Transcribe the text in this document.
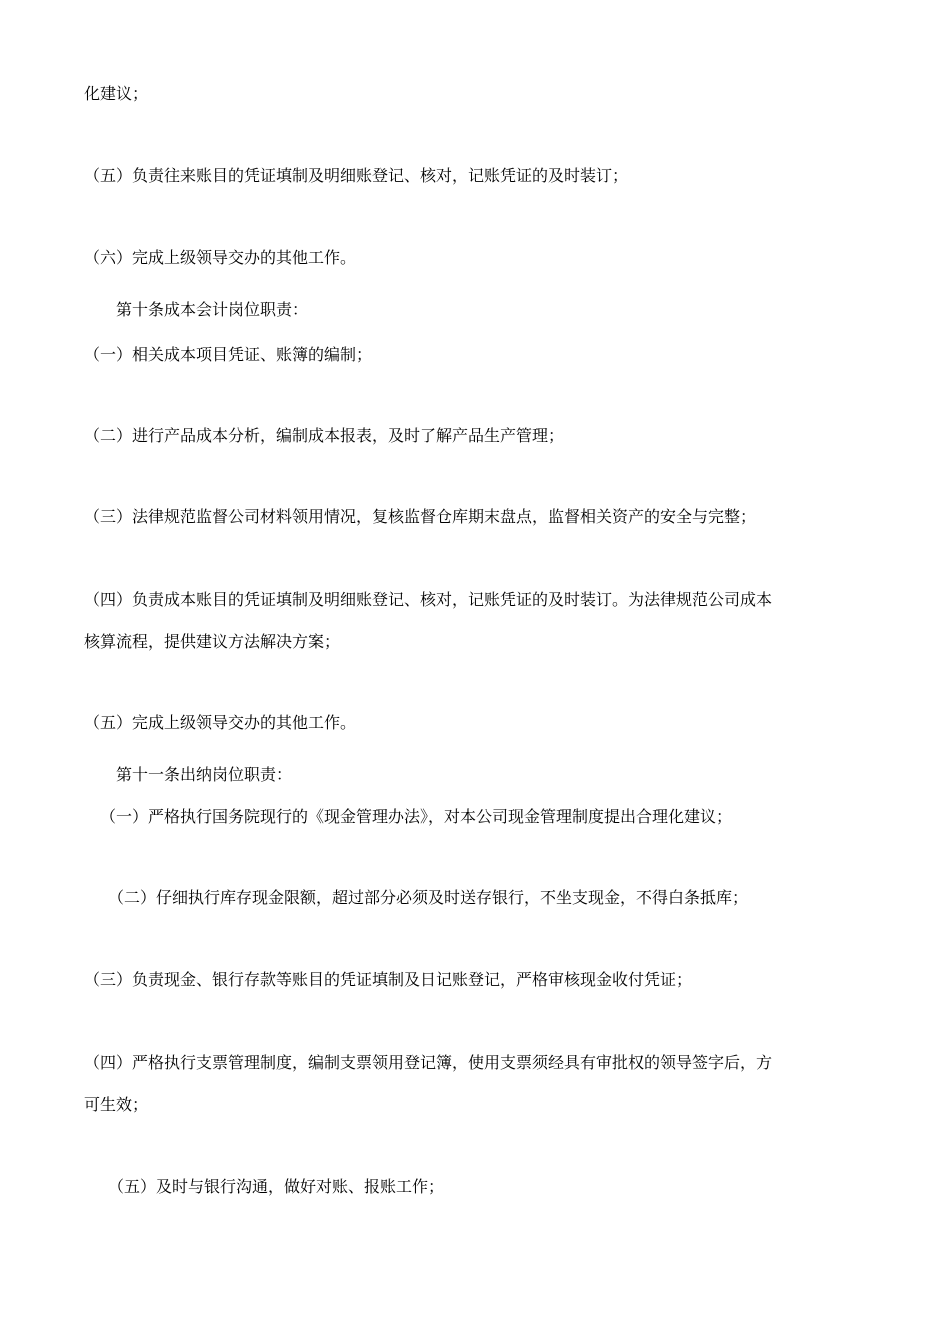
化建议；

（五）负责往来账目的凭证填制及明细账登记、核对，记账凭证的及时装订；

（六）完成上级领导交办的其他工作。

第十条成本会计岗位职责：

（一）相关成本项目凭证、账簿的编制；

（二）进行产品成本分析，编制成本报表，及时了解产品生产管理；

（三）法律规范监督公司材料领用情况，复核监督仓库期末盘点，监督相关资产的安全与完整；

（四）负责成本账目的凭证填制及明细账登记、核对，记账凭证的及时装订。为法律规范公司成本

核算流程，提供建议方法解决方案；

（五）完成上级领导交办的其他工作。

第十一条出纳岗位职责：

（一）严格执行国务院现行的《现金管理办法》，对本公司现金管理制度提出合理化建议；

（二）仔细执行库存现金限额，超过部分必须及时送存银行，不坐支现金，不得白条抵库；

（三）负责现金、银行存款等账目的凭证填制及日记账登记，严格审核现金收付凭证；

（四）严格执行支票管理制度，编制支票领用登记簿，使用支票须经具有审批权的领导签字后，方

可生效；

（五）及时与银行沟通，做好对账、报账工作；
